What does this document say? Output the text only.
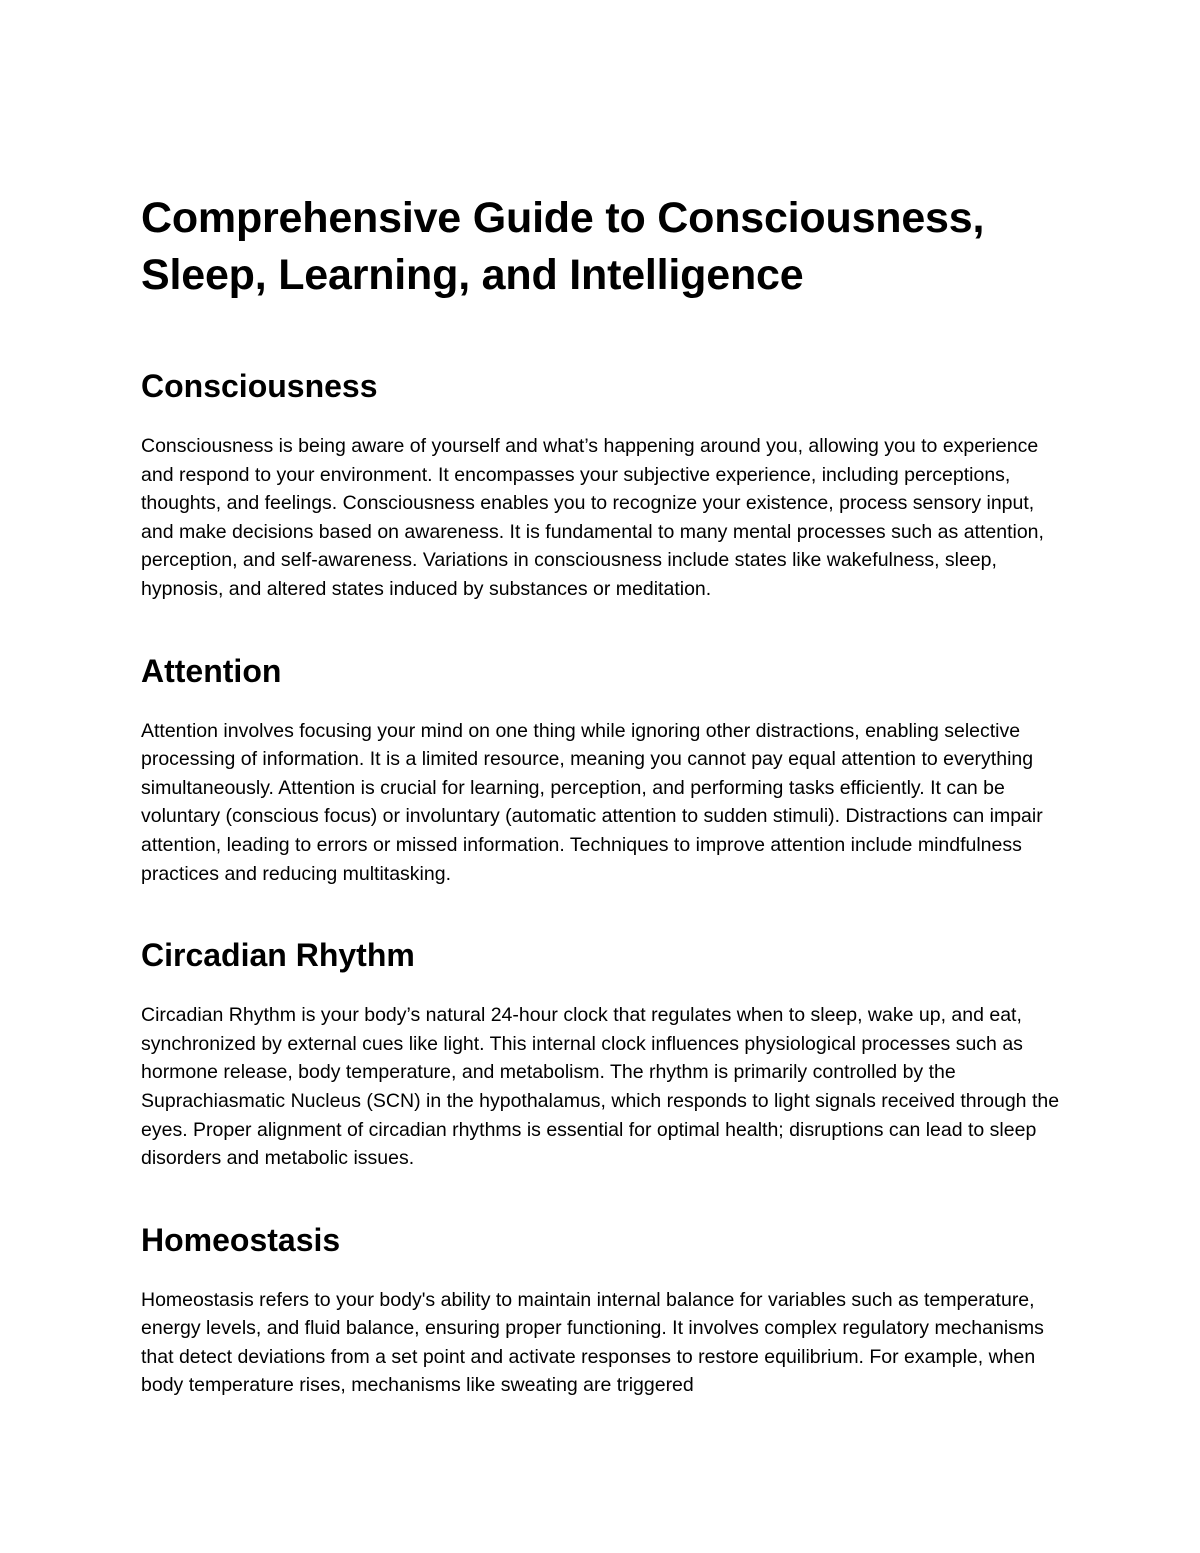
Comprehensive Guide to Consciousness, Sleep, Learning, and Intelligence
Consciousness

Consciousness is being aware of yourself and what’s happening around you, allowing you to experience and respond to your environment. It encompasses your subjective experience, including perceptions, thoughts, and feelings. Consciousness enables you to recognize your existence, process sensory input, and make decisions based on awareness. It is fundamental to many mental processes such as attention, perception, and self-awareness. Variations in consciousness include states like wakefulness, sleep, hypnosis, and altered states induced by substances or meditation.

Attention

Attention involves focusing your mind on one thing while ignoring other distractions, enabling selective processing of information. It is a limited resource, meaning you cannot pay equal attention to everything simultaneously. Attention is crucial for learning, perception, and performing tasks efficiently. It can be voluntary (conscious focus) or involuntary (automatic attention to sudden stimuli). Distractions can impair attention, leading to errors or missed information. Techniques to improve attention include mindfulness practices and reducing multitasking.

Circadian Rhythm

Circadian Rhythm is your body’s natural 24-hour clock that regulates when to sleep, wake up, and eat, synchronized by external cues like light. This internal clock influences physiological processes such as hormone release, body temperature, and metabolism. The rhythm is primarily controlled by the Suprachiasmatic Nucleus (SCN) in the hypothalamus, which responds to light signals received through the eyes. Proper alignment of circadian rhythms is essential for optimal health; disruptions can lead to sleep disorders and metabolic issues.

Homeostasis

Homeostasis refers to your body's ability to maintain internal balance for variables such as temperature, energy levels, and fluid balance, ensuring proper functioning. It involves complex regulatory mechanisms that detect deviations from a set point and activate responses to restore equilibrium. For example, when body temperature rises, mechanisms like sweating are triggered
